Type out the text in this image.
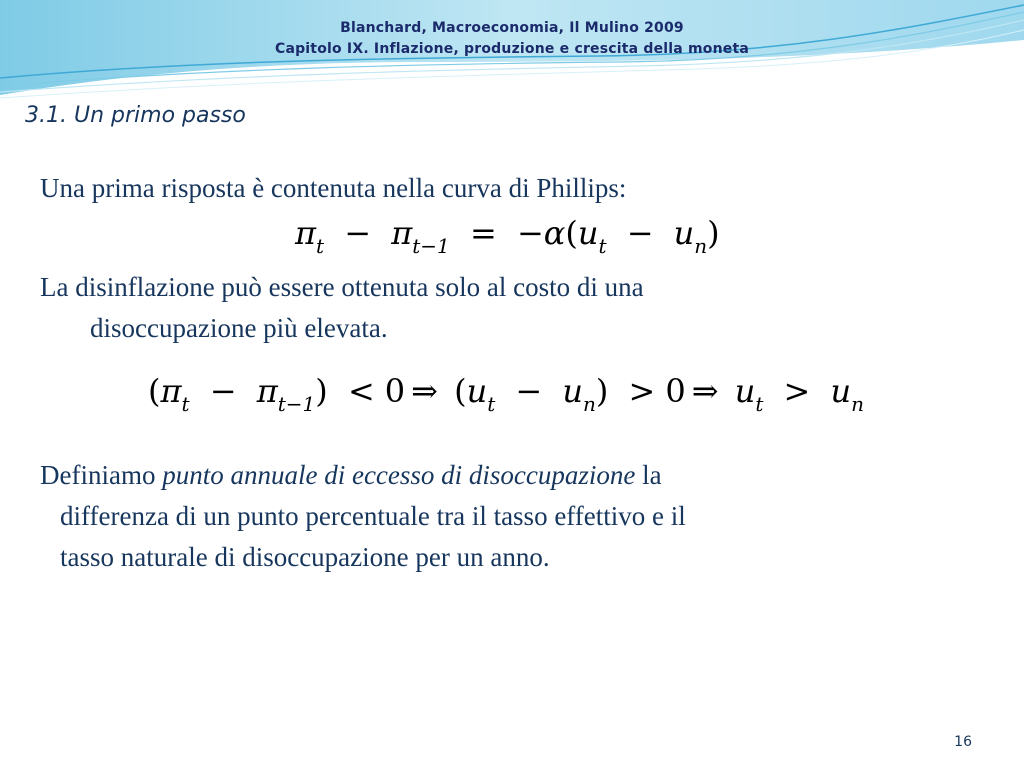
Blanchard, Macroeconomia, Il Mulino 2009
Capitolo IX. Inflazione, produzione e crescita della moneta
3.1. Un primo passo
Una prima risposta è contenuta nella curva di Phillips:
$\pi_t - \pi_{t-1} = -\alpha(u_t - u_n)$
La disinflazione può essere ottenuta solo al costo di una
disoccupazione più elevata.
$(\pi_t - \pi_{t-1}) < 0$ ⇒ $(u_t - u_n) > 0$ ⇒ $u_t > u_n$
Definiamo punto annuale di eccesso di disoccupazione la
differenza di un punto percentuale tra il tasso effettivo e il
tasso naturale di disoccupazione per un anno.
16
